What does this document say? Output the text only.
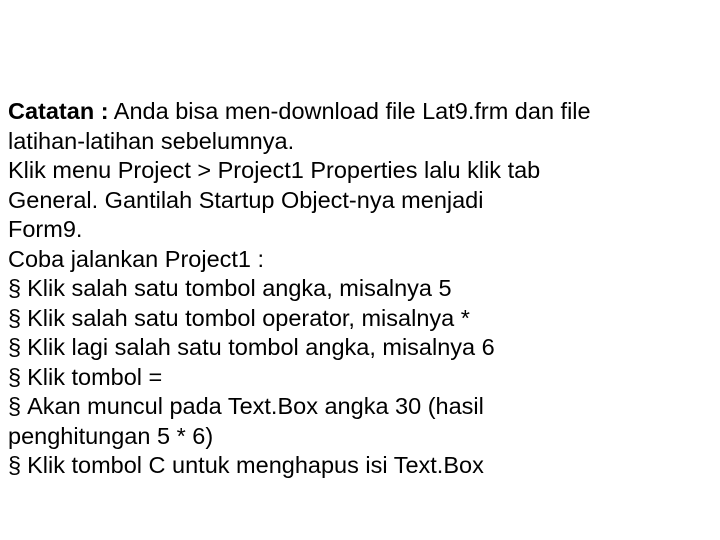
Catatan : Anda bisa men-download file Lat9.frm dan file
latihan-latihan sebelumnya.
Klik menu Project > Project1 Properties lalu klik tab
General. Gantilah Startup Object-nya menjadi
Form9.
Coba jalankan Project1 :
§ Klik salah satu tombol angka, misalnya 5
§ Klik salah satu tombol operator, misalnya *
§ Klik lagi salah satu tombol angka, misalnya 6
§ Klik tombol =
§ Akan muncul pada Text.Box angka 30 (hasil
penghitungan 5 * 6)
§ Klik tombol C untuk menghapus isi Text.Box
